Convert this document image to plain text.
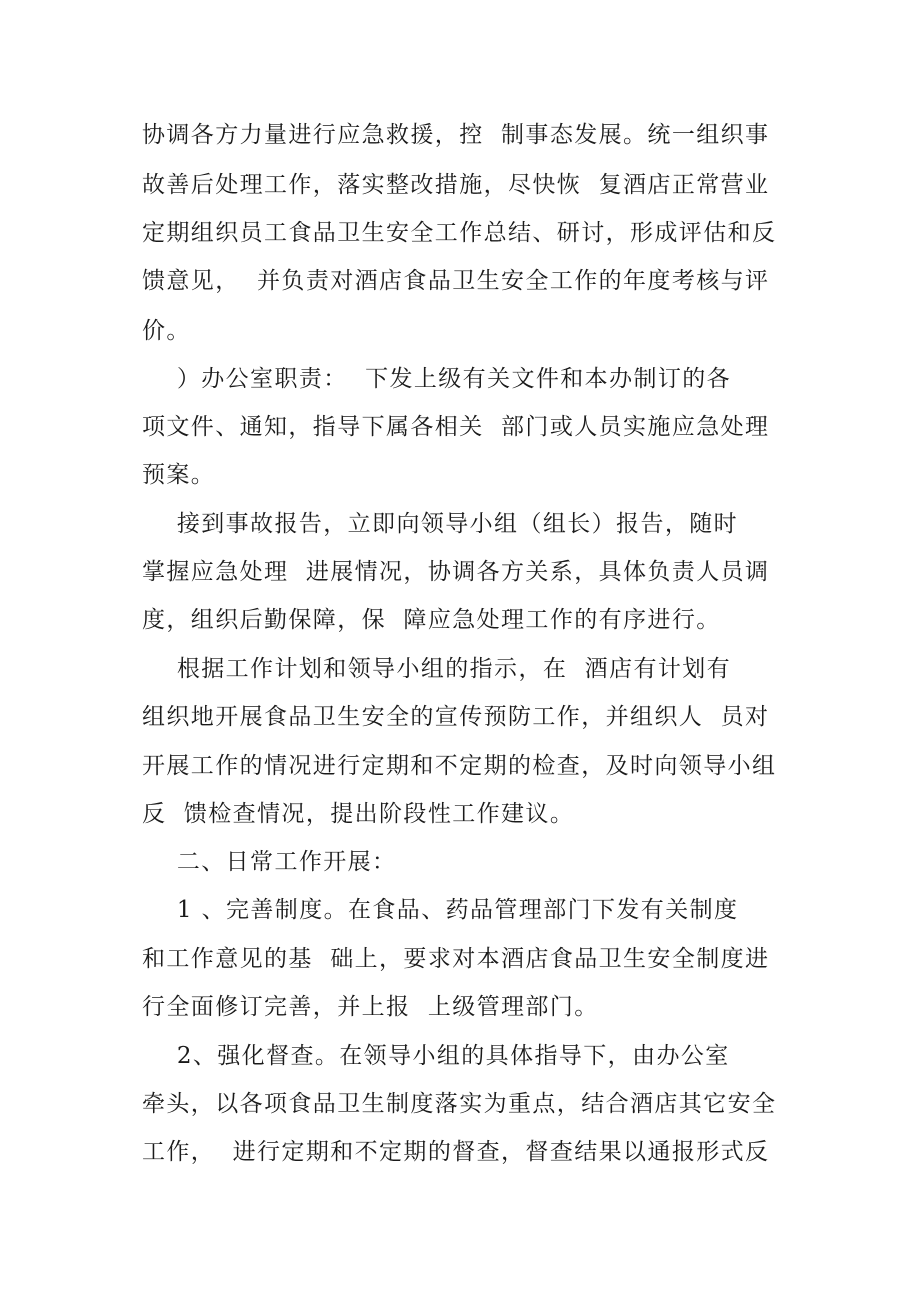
协调各方力量进行应急救援，控  制事态发展。统一组织事
故善后处理工作，落实整改措施，尽快恢  复酒店正常营业
定期组织员工食品卫生安全工作总结、研讨，形成评估和反
馈意见，  并负责对酒店食品卫生安全工作的年度考核与评
价。
）办公室职责：  下发上级有关文件和本办制订的各
项文件、通知，指导下属各相关  部门或人员实施应急处理
预案。
接到事故报告，立即向领导小组（组长）报告，随时
掌握应急处理  进展情况，协调各方关系，具体负责人员调
度，组织后勤保障，保  障应急处理工作的有序进行。
根据工作计划和领导小组的指示，在  酒店有计划有
组织地开展食品卫生安全的宣传预防工作，并组织人  员对
开展工作的情况进行定期和不定期的检查，及时向领导小组
反  馈检查情况，提出阶段性工作建议。
二、日常工作开展：
1 、完善制度。在食品、药品管理部门下发有关制度
和工作意见的基  础上，要求对本酒店食品卫生安全制度进
行全面修订完善，并上报  上级管理部门。
2、强化督查。在领导小组的具体指导下，由办公室
牵头，以各项食品卫生制度落实为重点，结合酒店其它安全
工作，  进行定期和不定期的督查，督查结果以通报形式反
